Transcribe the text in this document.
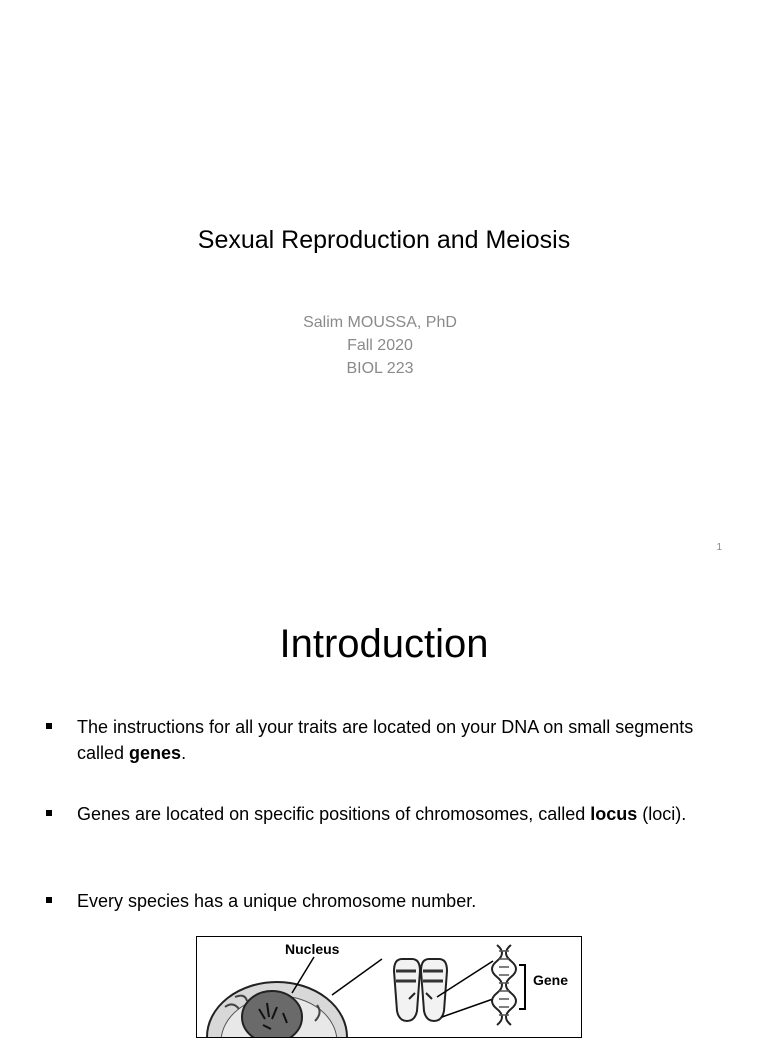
Sexual Reproduction and Meiosis
Salim MOUSSA, PhD
Fall 2020
BIOL 223
1
Introduction
The instructions for all your traits are located on your DNA on small segments called genes.
Genes are located on specific positions of chromosomes, called locus (loci).
Every species has a unique chromosome number.
Nucleus
Gene
